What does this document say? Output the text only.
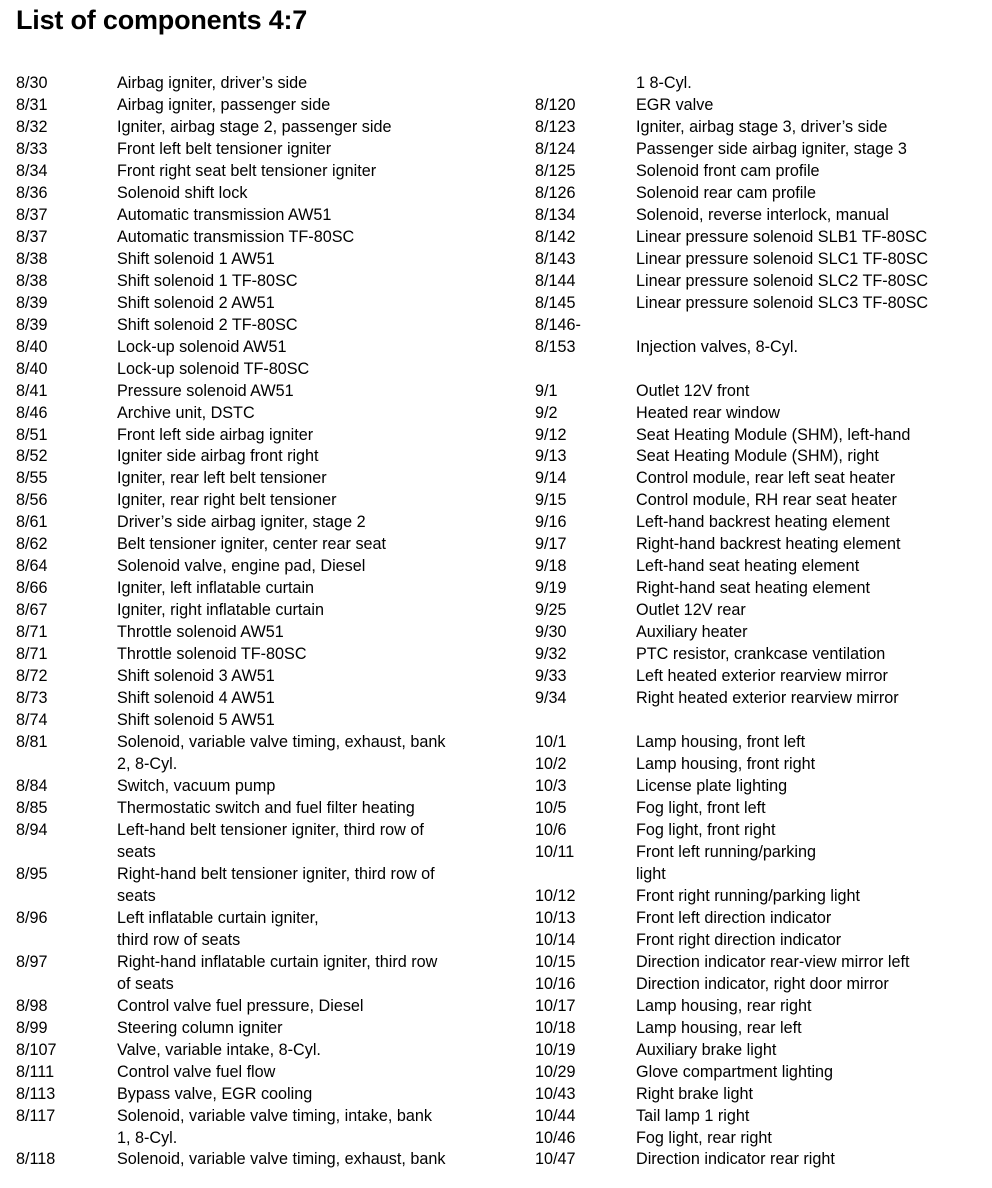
List of components 4:7
8/30	Airbag igniter, driver’s side
8/31	Airbag igniter, passenger side
8/32	Igniter, airbag stage 2, passenger side
8/33	Front left belt tensioner igniter
8/34	Front right seat belt tensioner igniter
8/36	Solenoid shift lock
8/37	Automatic transmission AW51
8/37	Automatic transmission TF-80SC
8/38	Shift solenoid 1 AW51
8/38	Shift solenoid 1 TF-80SC
8/39	Shift solenoid 2 AW51
8/39	Shift solenoid 2 TF-80SC
8/40	Lock-up solenoid AW51
8/40	Lock-up solenoid TF-80SC
8/41	Pressure solenoid AW51
8/46	Archive unit, DSTC
8/51	Front left side airbag igniter
8/52	Igniter side airbag front right
8/55	Igniter, rear left belt tensioner
8/56	Igniter, rear right belt tensioner
8/61	Driver’s side airbag igniter, stage 2
8/62	Belt tensioner igniter, center rear seat
8/64	Solenoid valve, engine pad, Diesel
8/66	Igniter, left inflatable curtain
8/67	Igniter, right inflatable curtain
8/71	Throttle solenoid AW51
8/71	Throttle solenoid TF-80SC
8/72	Shift solenoid 3 AW51
8/73	Shift solenoid 4 AW51
8/74	Shift solenoid 5 AW51
8/81	Solenoid, variable valve timing, exhaust, bank
2, 8-Cyl.
8/84	Switch, vacuum pump
8/85	Thermostatic switch and fuel filter heating
8/94	Left-hand belt tensioner igniter, third row of
seats
8/95	Right-hand belt tensioner igniter, third row of
seats
8/96	Left inflatable curtain igniter,
third row of seats
8/97	Right-hand inflatable curtain igniter, third row
of seats
8/98	Control valve fuel pressure, Diesel
8/99	Steering column igniter
8/107	Valve, variable intake, 8-Cyl.
8/111	Control valve fuel flow
8/113	Bypass valve, EGR cooling
8/117	Solenoid, variable valve timing, intake, bank
1, 8-Cyl.
8/118	Solenoid, variable valve timing, exhaust, bank
1 8-Cyl.
8/120	EGR valve
8/123	Igniter, airbag stage 3, driver’s side
8/124	Passenger side airbag igniter, stage 3
8/125	Solenoid front cam profile
8/126	Solenoid rear cam profile
8/134	Solenoid, reverse interlock, manual
8/142	Linear pressure solenoid SLB1 TF-80SC
8/143	Linear pressure solenoid SLC1 TF-80SC
8/144	Linear pressure solenoid SLC2 TF-80SC
8/145	Linear pressure solenoid SLC3 TF-80SC
8/146-
8/153	Injection valves, 8-Cyl.

9/1	Outlet 12V front
9/2	Heated rear window
9/12	Seat Heating Module (SHM), left-hand
9/13	Seat Heating Module (SHM), right
9/14	Control module, rear left seat heater
9/15	Control module, RH rear seat heater
9/16	Left-hand backrest heating element
9/17	Right-hand backrest heating element
9/18	Left-hand seat heating element
9/19	Right-hand seat heating element
9/25	Outlet 12V rear
9/30	Auxiliary heater
9/32	PTC resistor, crankcase ventilation
9/33	Left heated exterior rearview mirror
9/34	Right heated exterior rearview mirror

10/1	Lamp housing, front left
10/2	Lamp housing, front right
10/3	License plate lighting
10/5	Fog light, front left
10/6	Fog light, front right
10/11	Front left running/parking
light
10/12	Front right running/parking light
10/13	Front left direction indicator
10/14	Front right direction indicator
10/15	Direction indicator rear-view mirror left
10/16	Direction indicator, right door mirror
10/17	Lamp housing, rear right
10/18	Lamp housing, rear left
10/19	Auxiliary brake light
10/29	Glove compartment lighting
10/43	Right brake light
10/44	Tail lamp 1 right
10/46	Fog light, rear right
10/47	Direction indicator rear right
